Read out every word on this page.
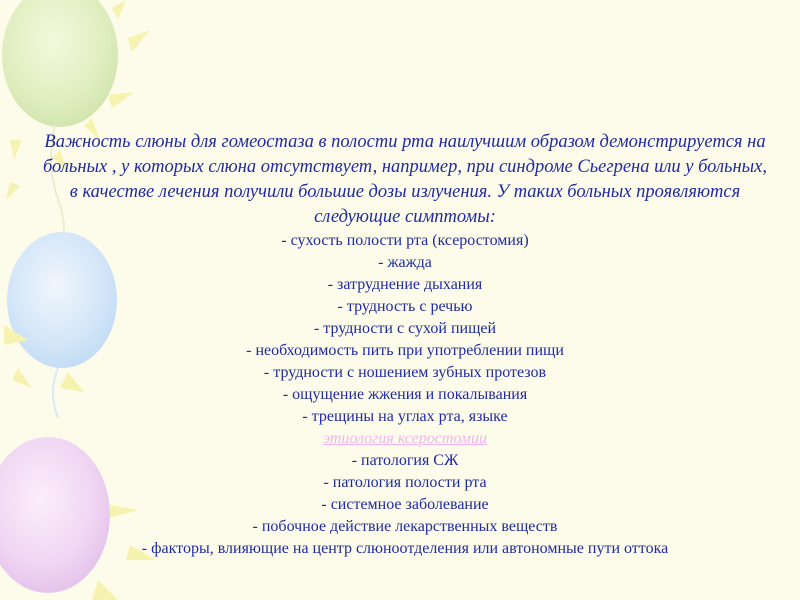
Важность слюны для гомеостаза в полости рта наилучшим образом демонстрируется на больных , у которых слюна отсутствует, например, при синдроме Сьегрена или у больных, в качестве лечения получили большие дозы излучения. У таких больных проявляются следующие симптомы:

- сухость полости рта (ксеростомия)
- жажда
- затруднение дыхания
- трудность с речью
- трудности с сухой пищей
- необходимость пить при употреблении пищи
- трудности с ношением зубных протезов
- ощущение жжения и покалывания
- трещины на углах рта, языке

этиология ксеростомии

- патология СЖ
- патология полости рта
- системное заболевание
- побочное действие лекарственных веществ
- факторы, влияющие на центр слюноотделения или автономные пути оттока
